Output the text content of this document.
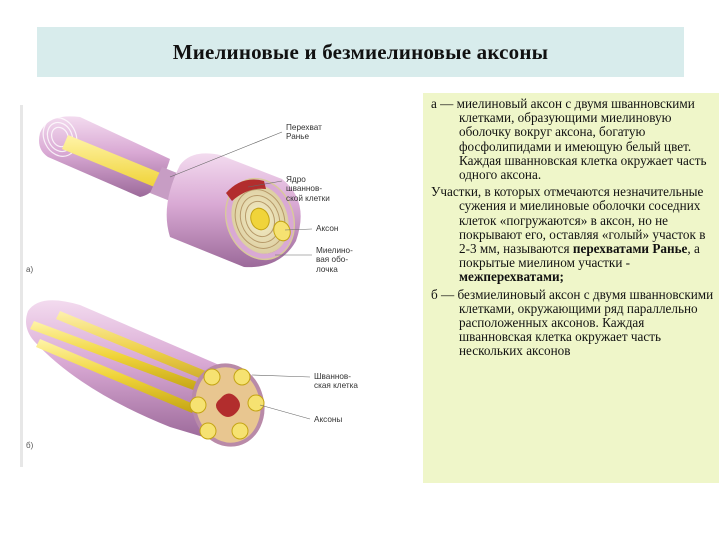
Миелиновые и безмиелиновые аксоны
а)
б)
Перехват
Ранье
Ядро
шваннов-
ской клетки
Аксон
Миелино-
вая обо-
лочка
Шваннов-
ская клетка
Аксоны

а — миелиновый аксон с двумя шванновскими клетками, образующими миелиновую оболочку вокруг аксона, богатую фосфолипидами и имеющую белый цвет. Каждая шванновская клетка окружает часть одного аксона.

Участки, в которых отмечаются незначительные сужения и миелиновые оболочки соседних клеток «погружаются» в аксон, но не покрывают его, оставляя «голый» участок в 2-3 мм, называются перехватами Ранье, а покрытые миелином участки - межперехватами;

б — безмиелиновый аксон с двумя шванновскими клетками, окружающими ряд параллельно расположенных аксонов. Каждая шванновская клетка окружает часть нескольких аксонов
